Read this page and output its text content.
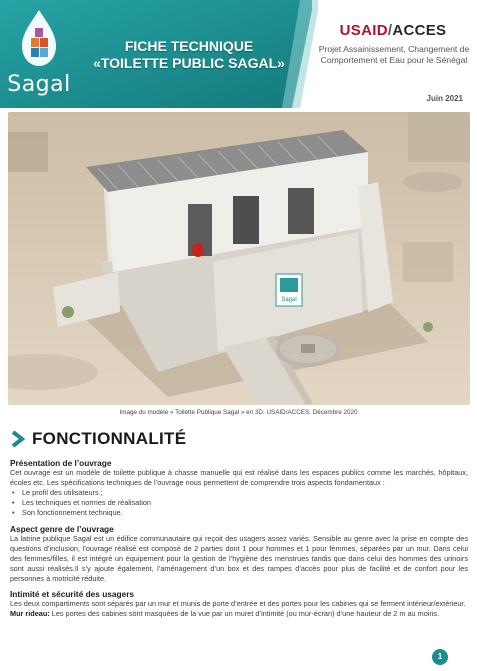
Sagal
FICHE TECHNIQUE
«TOILETTE PUBLIC SAGAL»
USAID/ACCES
Projet Assainissement, Changement de Comportement et Eau pour le Sénégal
Juin 2021
Sagal
Image du modèle « Toilette Publique Sagal » en 3D. USAID/ACCES, Décembre 2020
FONCTIONNALITÉ
Présentation de l’ouvrage
Cet ouvrage est un modèle de toilette publique à chasse manuelle qui est réalisé dans les espaces publics comme les marchés, hôpitaux, écoles etc. Les spécifications techniques de l’ouvrage nous permettent de comprendre trois aspects fondamentaux :
• Le profil des utilisateurs ;
• Les techniques et normes de réalisation
• Son fonctionnement technique.
Aspect genre de l’ouvrage
La latrine publique Sagal est un édifice communautaire qui reçoit des usagers assez variés. Sensible au genre avec la prise en compte des questions d’inclusion, l’ouvrage réalisé est composé de 2 parties dont 1 pour hommes et 1 pour femmes, séparées par un mur. Dans celui des femmes/filles, il est intégré un équipement pour la gestion de l’hygiène des menstrues tandis que dans celui des hommes des urinoirs sont aussi réalisés.Il s’y ajoute également, l’aménagement d’un box et des rampes d’accès pour plus de facilité et de confort pour les personnes à motricité réduite.
Intimité et sécurité des usagers
Les deux compartiments sont séparés par un mur et munis de porte d’entrée et des portes pour les cabines qui se ferment intérieur/extérieur.
Mur rideau: Les portes des cabines sont masquées de la vue par un muret d’intimité (ou mur-écran) d’une hauteur de 2 m au moins.
1
